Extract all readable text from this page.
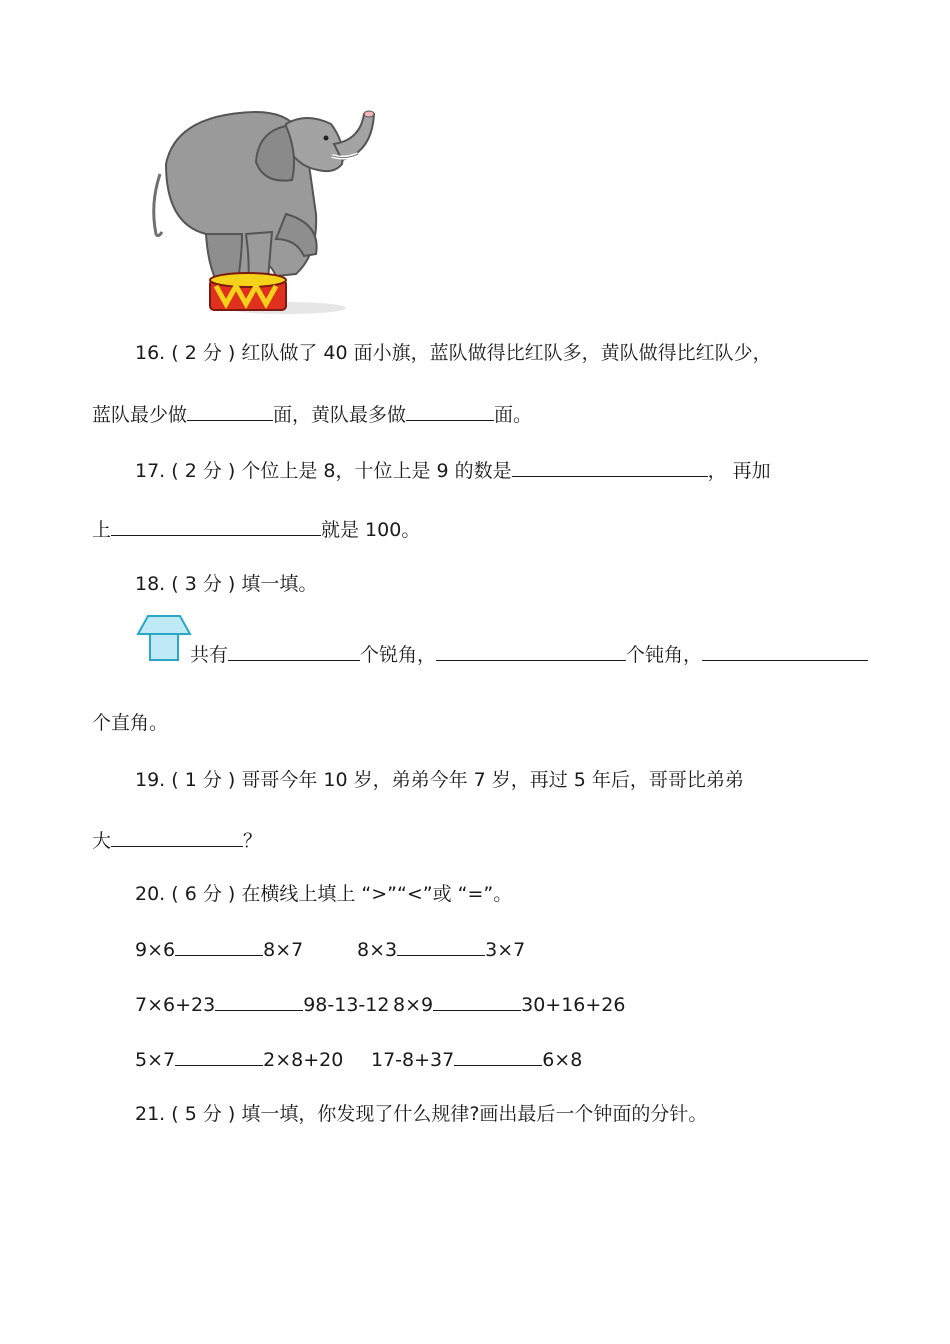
16. ( 2 分 ) 红队做了 40 面小旗，蓝队做得比红队多，黄队做得比红队少，
蓝队最少做	面，黄队最多做	面。
17. ( 2 分 ) 个位上是 8，十位上是 9 的数是	， 再加
上	就是 100。
18. ( 3 分 ) 填一填。
共有	个锐角，	个钝角，
个直角。
19. ( 1 分 ) 哥哥今年 10 岁，弟弟今年 7 岁，再过 5 年后，哥哥比弟弟
大	？
20. ( 6 分 ) 在横线上填上 “>”“<”或 “=”。
9×6	8×7	8×3	3×7
7×6+23	98-13-12 8×9	30+16+26
5×7	2×8+20 17-8+37	6×8
21. ( 5 分 ) 填一填，你发现了什么规律?画出最后一个钟面的分针。
